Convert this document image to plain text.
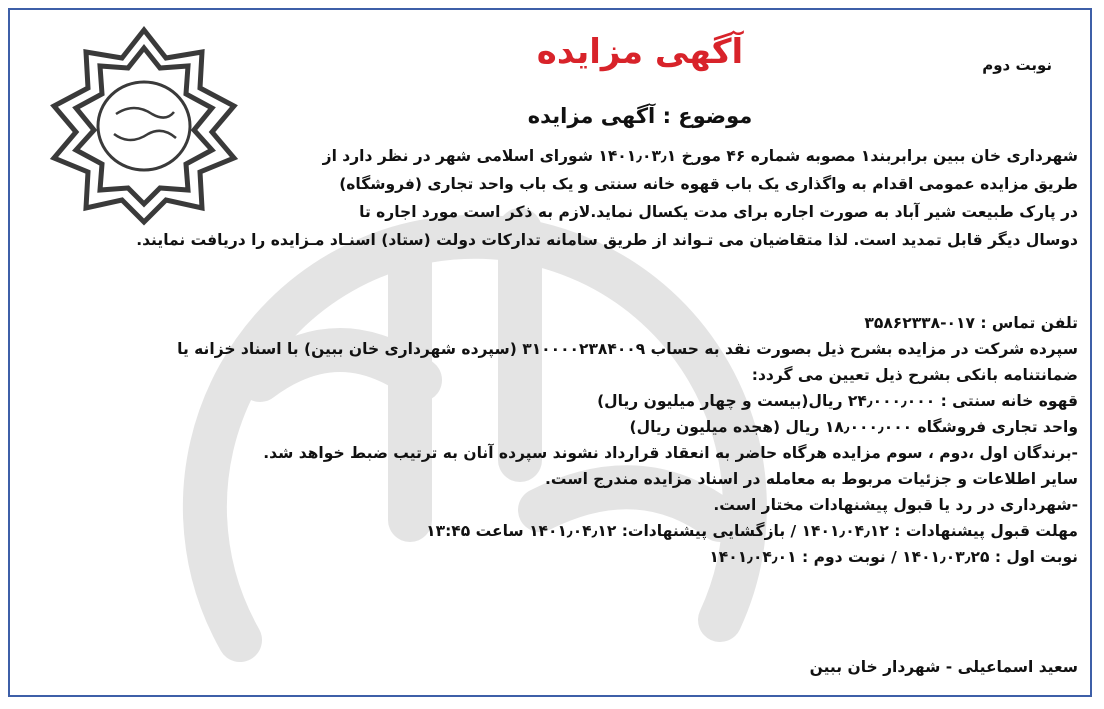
نوبت دوم
آگهی مزایده
موضوع : آگهی مزایده
شهرداری خان ببین برابربند۱ مصوبه شماره ۴۶ مورخ ۱۴۰۱٫۰۳٫۱ شورای اسلامی شهر در نظر دارد از
طریق مزایده عمومی اقدام به واگذاری یک باب قهوه خانه سنتی و یک باب واحد تجاری (فروشگاه)
در پارک طبیعت شیر آباد به صورت اجاره برای مدت یکسال نماید.لازم به ذکر است مورد اجاره تا
دوسال دیگر قابل تمدید است. لذا متقاضیان می تـواند از طریق سامانه تدارکات دولت (ستاد) اسنـاد مـزایده را دریافت نمایند.
تلفن تماس : ۰۱۷-۳۵۸۶۲۳۳۸
سپرده شرکت در مزایده بشرح ذیل بصورت نقد به حساب ۳۱۰۰۰۰۲۳۸۴۰۰۹ (سپرده شهرداری خان ببین) با اسناد خزانه یا
ضمانتنامه بانکی بشرح ذیل تعیین می گردد:
قهوه خانه سنتی : ۲۴٫۰۰۰٫۰۰۰ ریال(بیست و چهار میلیون ریال)
واحد تجاری فروشگاه ۱۸٫۰۰۰٫۰۰۰ ریال (هجده میلیون ریال)
-برندگان اول ،دوم ، سوم مزایده هرگاه حاضر به انعقاد قرارداد نشوند سپرده آنان به ترتیب ضبط خواهد شد.
سایر اطلاعات و جزئیات مربوط به معامله در اسناد مزایده مندرج است.
-شهرداری در رد یا قبول پیشنهادات مختار است.
مهلت قبول پیشنهادات : ۱۴۰۱٫۰۴٫۱۲ / بازگشایی پیشنهادات: ۱۴۰۱٫۰۴٫۱۲ ساعت ۱۳:۴۵
نوبت اول : ۱۴۰۱٫۰۳٫۲۵ / نوبت دوم : ۱۴۰۱٫۰۴٫۰۱
سعید اسماعیلی - شهردار خان ببین
